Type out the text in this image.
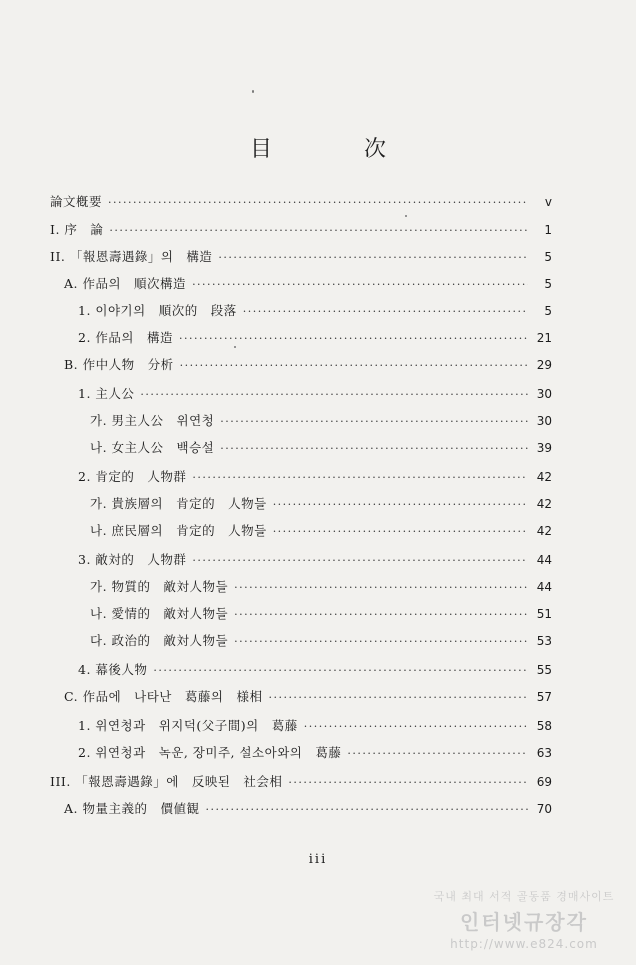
目	次
論文槪要 ·····	v
I. 序　論 ·····	1
II. 「報恩壽遇錄」의　構造 ·····	5
A. 作品의　順次構造 ·····	5
1. 이야기의　順次的　段落 ·····	5
2. 作品의　構造 ·····	21
B. 作中人物　分析 ·····	29
1. 主人公 ·····	30
가. 男主人公　위연청 ·····	30
나. 女主人公　백승설 ·····	39
2. 肯定的　人物群 ·····	42
가. 貴族層의　肯定的　人物들 ·····	42
나. 庶民層의　肯定的　人物들 ·····	42
3. 敵対的　人物群 ·····	44
가. 物質的　敵対人物들 ·····	44
나. 愛情的　敵対人物들 ·····	51
다. 政治的　敵対人物들 ·····	53
4. 幕後人物 ·····	55
C. 作品에　나타난　葛藤의　様相 ·····	57
1. 위연청과　위지덕(父子間)의　葛藤 ·····	58
2. 위연청과　녹운, 장미주, 설소아와의　葛藤 ·····	63
III. 「報恩壽遇錄」에　反映된　社会相 ·····	69
A. 物量主義的　價値観 ·····	70
iii
국내 최대 서적 골동품 경매사이트
인터넷규장각
http://www.e824.com
